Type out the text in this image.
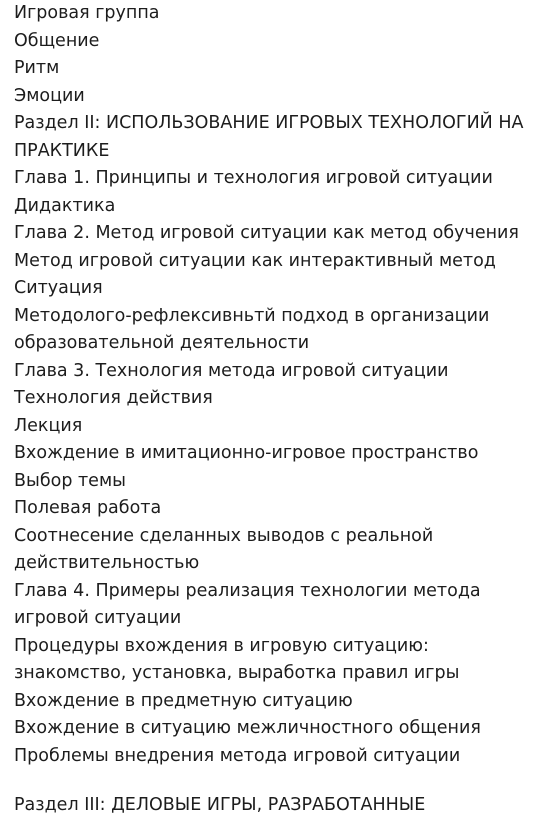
Игровая группа
Общение
Ритм
Эмоции
Раздел II: ИСПОЛЬЗОВАНИЕ ИГРОВЫХ ТЕХНОЛОГИЙ НА ПРАКТИКЕ
Глава 1. Принципы и технология игровой ситуации
Дидактика
Глава 2. Метод игровой ситуации как метод обучения
Метод игровой ситуации как интерактивный метод
Ситуация
Методолого-рефлексивньтй подход в организации образовательной деятельности
Глава 3. Технология метода игровой ситуации
Технология действия
Лекция
Вхождение в имитационно-игровое пространство
Выбор темы
Полевая работа
Соотнесение сделанных выводов с реальной действительностью
Глава 4. Примеры реализация технологии метода игровой ситуации
Процедуры вхождения в игровую ситуацию: знакомство, установка, выработка правил игры
Вхождение в предметную ситуацию
Вхождение в ситуацию межличностного общения
Проблемы внедрения метода игровой ситуации
Раздел III: ДЕЛОВЫЕ ИГРЫ, РАЗРАБОТАННЫЕ
